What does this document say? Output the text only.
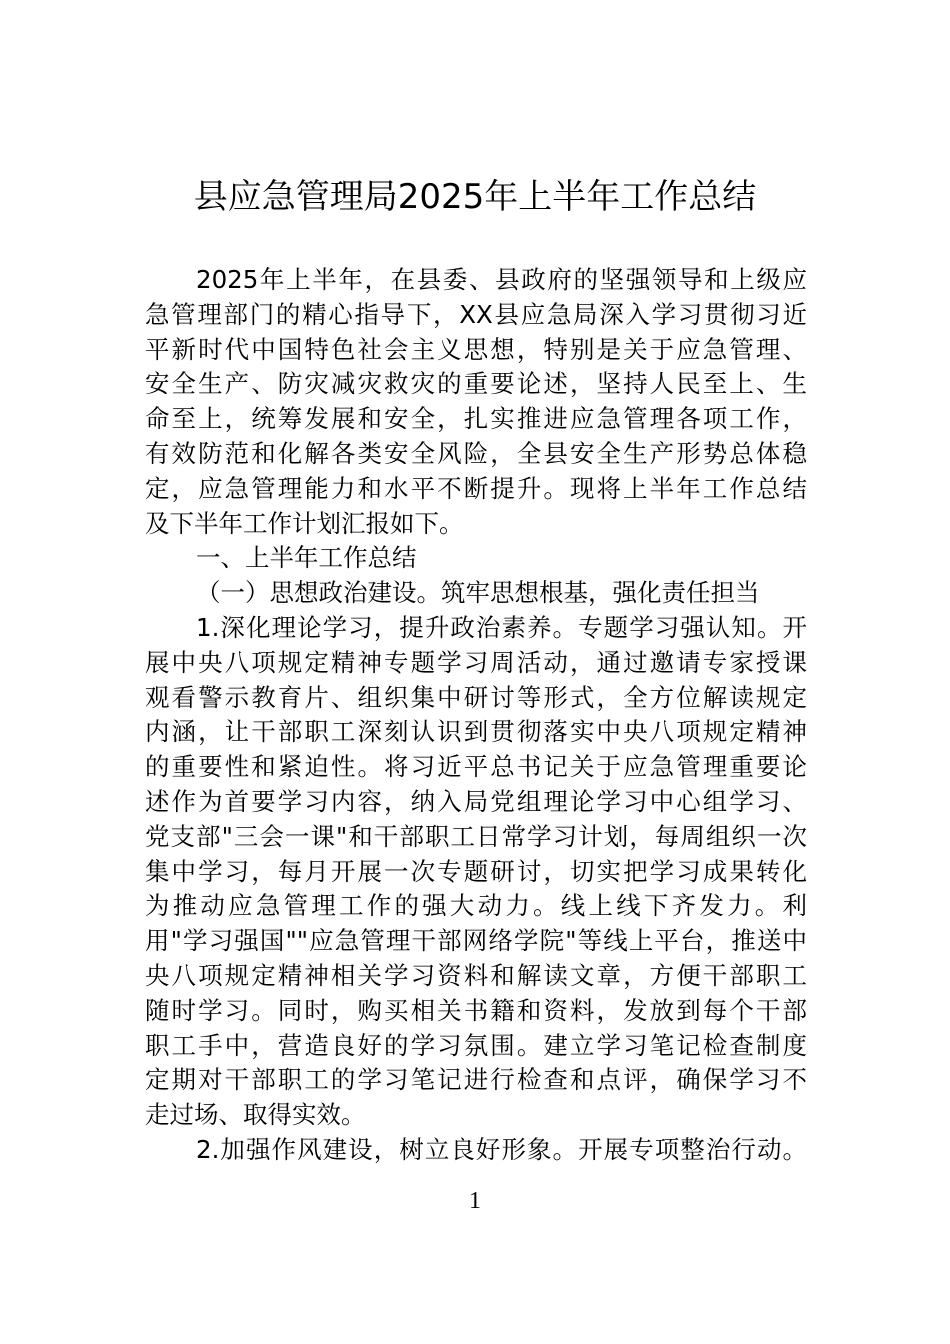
县应急管理局2025年上半年工作总结
2025年上半年，在县委、县政府的坚强领导和上级应
急管理部门的精心指导下，XX县应急局深入学习贯彻习近
平新时代中国特色社会主义思想，特别是关于应急管理、
安全生产、防灾减灾救灾的重要论述，坚持人民至上、生
命至上，统筹发展和安全，扎实推进应急管理各项工作，
有效防范和化解各类安全风险，全县安全生产形势总体稳
定，应急管理能力和水平不断提升。现将上半年工作总结
及下半年工作计划汇报如下。
一、上半年工作总结
（一）思想政治建设。筑牢思想根基，强化责任担当
1.深化理论学习，提升政治素养。专题学习强认知。开
展中央八项规定精神专题学习周活动，通过邀请专家授课
观看警示教育片、组织集中研讨等形式，全方位解读规定
内涵，让干部职工深刻认识到贯彻落实中央八项规定精神
的重要性和紧迫性。将习近平总书记关于应急管理重要论
述作为首要学习内容，纳入局党组理论学习中心组学习、
党支部"三会一课"和干部职工日常学习计划，每周组织一次
集中学习，每月开展一次专题研讨，切实把学习成果转化
为推动应急管理工作的强大动力。线上线下齐发力。利
用"学习强国""应急管理干部网络学院"等线上平台，推送中
央八项规定精神相关学习资料和解读文章，方便干部职工
随时学习。同时，购买相关书籍和资料，发放到每个干部
职工手中，营造良好的学习氛围。建立学习笔记检查制度
定期对干部职工的学习笔记进行检查和点评，确保学习不
走过场、取得实效。
2.加强作风建设，树立良好形象。开展专项整治行动。
1
